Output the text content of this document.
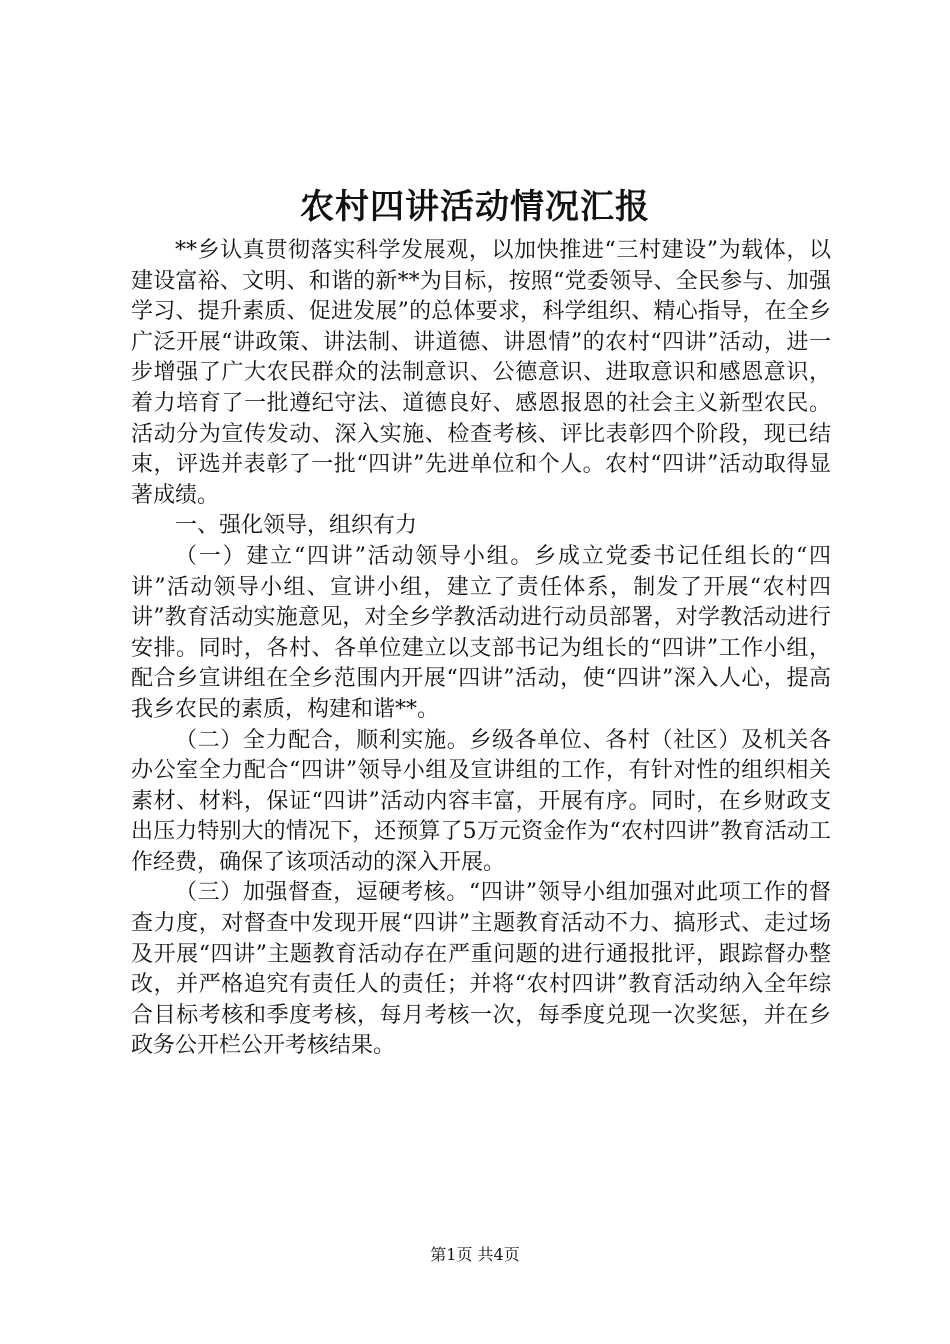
农村四讲活动情况汇报

**乡认真贯彻落实科学发展观，以加快推进“三村建设”为载体，以建设富裕、文明、和谐的新**为目标，按照“党委领导、全民参与、加强学习、提升素质、促进发展”的总体要求，科学组织、精心指导，在全乡广泛开展“讲政策、讲法制、讲道德、讲恩情”的农村“四讲”活动，进一步增强了广大农民群众的法制意识、公德意识、进取意识和感恩意识，着力培育了一批遵纪守法、道德良好、感恩报恩的社会主义新型农民。活动分为宣传发动、深入实施、检查考核、评比表彰四个阶段，现已结束，评选并表彰了一批“四讲”先进单位和个人。农村“四讲”活动取得显著成绩。

一、强化领导，组织有力

（一）建立“四讲”活动领导小组。乡成立党委书记任组长的“四讲”活动领导小组、宣讲小组，建立了责任体系，制发了开展“农村四讲”教育活动实施意见，对全乡学教活动进行动员部署，对学教活动进行安排。同时，各村、各单位建立以支部书记为组长的“四讲”工作小组，配合乡宣讲组在全乡范围内开展“四讲”活动，使“四讲”深入人心，提高我乡农民的素质，构建和谐**。

（二）全力配合，顺利实施。乡级各单位、各村（社区）及机关各办公室全力配合“四讲”领导小组及宣讲组的工作，有针对性的组织相关素材、材料，保证“四讲”活动内容丰富，开展有序。同时，在乡财政支出压力特别大的情况下，还预算了5万元资金作为“农村四讲”教育活动工作经费，确保了该项活动的深入开展。

（三）加强督查，逗硬考核。“四讲”领导小组加强对此项工作的督查力度，对督查中发现开展“四讲”主题教育活动不力、搞形式、走过场及开展“四讲”主题教育活动存在严重问题的进行通报批评，跟踪督办整改，并严格追究有责任人的责任；并将“农村四讲”教育活动纳入全年综合目标考核和季度考核，每月考核一次，每季度兑现一次奖惩，并在乡政务公开栏公开考核结果。

第1页 共4页
